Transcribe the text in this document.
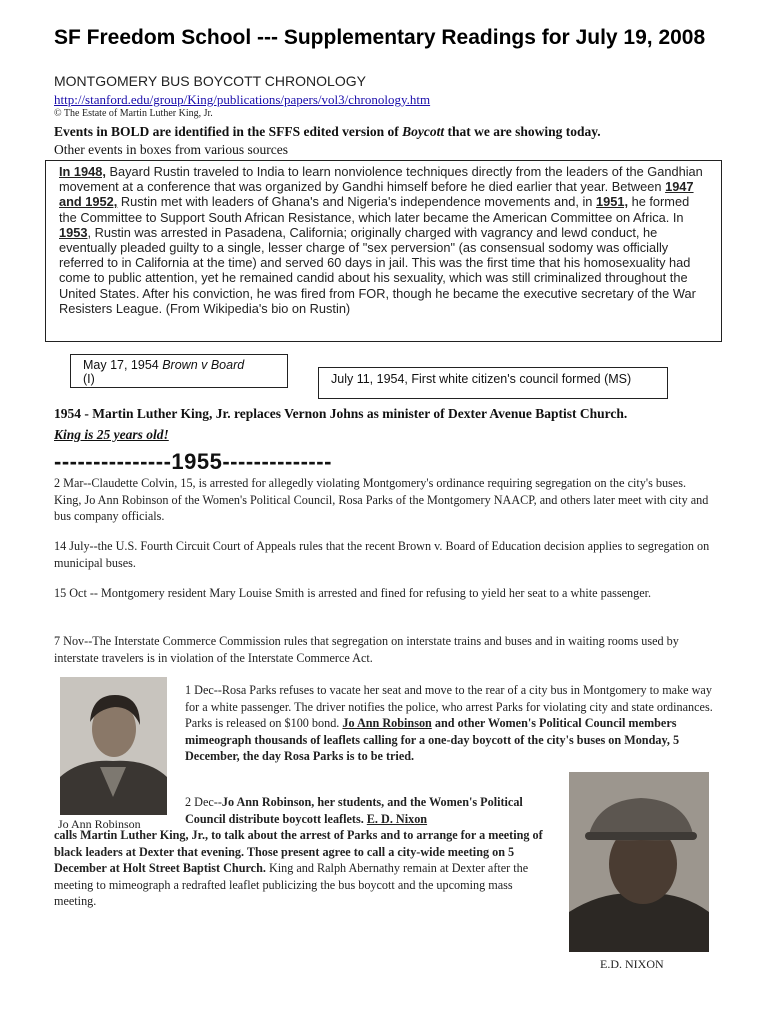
SF Freedom School --- Supplementary Readings for July 19, 2008
MONTGOMERY BUS BOYCOTT CHRONOLOGY
http://stanford.edu/group/King/publications/papers/vol3/chronology.htm
© The Estate of Martin Luther King, Jr.
Events in BOLD are identified in the SFFS edited version of Boycott that we are showing today.
Other events in boxes from various sources
In 1948, Bayard Rustin traveled to India to learn nonviolence techniques directly from the leaders of the Gandhian movement at a conference that was organized by Gandhi himself before he died earlier that year. Between 1947 and 1952, Rustin met with leaders of Ghana's and Nigeria's independence movements and, in 1951, he formed the Committee to Support South African Resistance, which later became the American Committee on Africa. In 1953, Rustin was arrested in Pasadena, California; originally charged with vagrancy and lewd conduct, he eventually pleaded guilty to a single, lesser charge of "sex perversion" (as consensual sodomy was officially referred to in California at the time) and served 60 days in jail. This was the first time that his homosexuality had come to public attention, yet he remained candid about his sexuality, which was still criminalized throughout the United States. After his conviction, he was fired from FOR, though he became the executive secretary of the War Resisters League. (From Wikipedia's bio on Rustin)
May 17, 1954 Brown v Board
(I)	July 11, 1954, First white citizen's council formed (MS)
1954 - Martin Luther King, Jr. replaces Vernon Johns as minister of Dexter Avenue Baptist Church.
King is 25 years old!
---------------1955--------------
2 Mar--Claudette Colvin, 15, is arrested for allegedly violating Montgomery's ordinance requiring segregation on the city's buses. King, Jo Ann Robinson of the Women's Political Council, Rosa Parks of the Montgomery NAACP, and others later meet with city and bus company officials.
14 July--the U.S. Fourth Circuit Court of Appeals rules that the recent Brown v. Board of Education decision applies to segregation on municipal buses.
15 Oct -- Montgomery resident Mary Louise Smith is arrested and fined for refusing to yield her seat to a white passenger.
7 Nov--The Interstate Commerce Commission rules that segregation on interstate trains and buses and in waiting rooms used by interstate travelers is in violation of the Interstate Commerce Act.
Jo Ann Robinson
1 Dec--Rosa Parks refuses to vacate her seat and move to the rear of a city bus in Montgomery to make way for a white passenger. The driver notifies the police, who arrest Parks for violating city and state ordinances. Parks is released on $100 bond. Jo Ann Robinson and other Women's Political Council members mimeograph thousands of leaflets calling for a one-day boycott of the city's buses on Monday, 5 December, the day Rosa Parks is to be tried.
2 Dec--Jo Ann Robinson, her students, and the Women's Political Council distribute boycott leaflets. E. D. Nixon
calls Martin Luther King, Jr., to talk about the arrest of Parks and to arrange for a meeting of black leaders at Dexter that evening. Those present agree to call a city-wide meeting on 5 December at Holt Street Baptist Church. King and Ralph Abernathy remain at Dexter after the meeting to mimeograph a redrafted leaflet publicizing the bus boycott and the upcoming mass meeting.
E.D. NIXON
